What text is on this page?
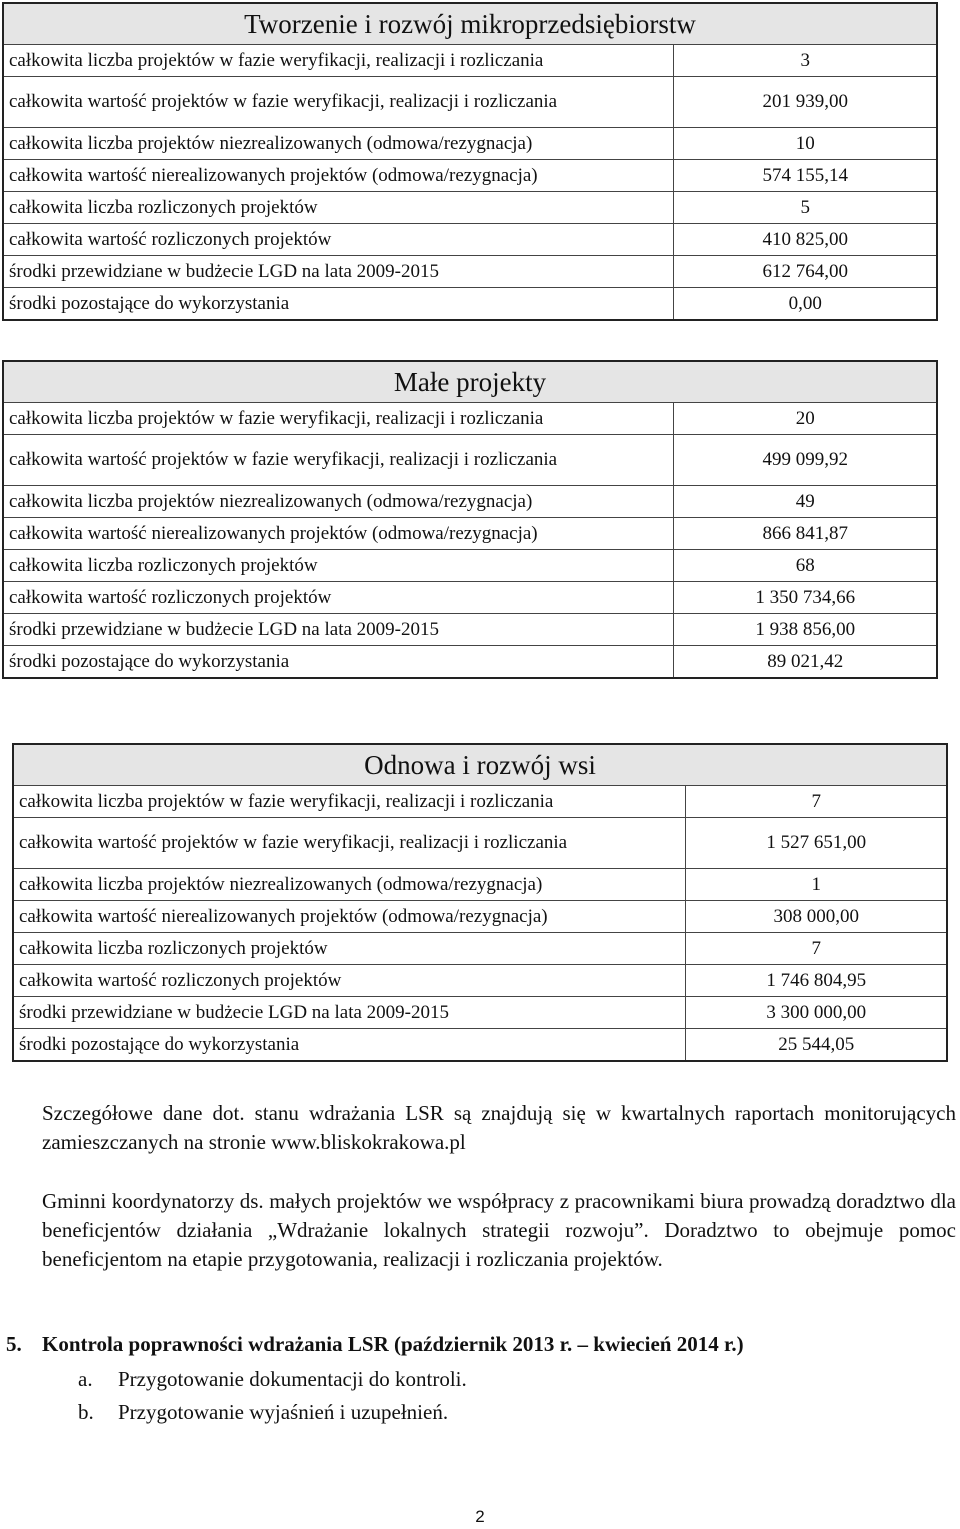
Tworzenie i rozwój mikroprzedsiębiorstw	
całkowita liczba projektów w fazie weryfikacji, realizacji i rozliczania	3
całkowita wartość projektów w fazie weryfikacji, realizacji i rozliczania	201 939,00
całkowita liczba projektów niezrealizowanych (odmowa/rezygnacja)	10
całkowita wartość nierealizowanych projektów (odmowa/rezygnacja)	574 155,14
całkowita liczba rozliczonych projektów	5
całkowita wartość rozliczonych projektów	410 825,00
środki przewidziane w budżecie LGD na lata 2009-2015	612 764,00
środki pozostające do wykorzystania	0,00
Małe projekty	
całkowita liczba projektów w fazie weryfikacji, realizacji i rozliczania	20
całkowita wartość projektów w fazie weryfikacji, realizacji i rozliczania	499 099,92
całkowita liczba projektów niezrealizowanych (odmowa/rezygnacja)	49
całkowita wartość nierealizowanych projektów (odmowa/rezygnacja)	866 841,87
całkowita liczba rozliczonych projektów	68
całkowita wartość rozliczonych projektów	1 350 734,66
środki przewidziane w budżecie LGD na lata 2009-2015	1 938 856,00
środki pozostające do wykorzystania	89 021,42
Odnowa i rozwój wsi	
całkowita liczba projektów w fazie weryfikacji, realizacji i rozliczania	7
całkowita wartość projektów w fazie weryfikacji, realizacji i rozliczania	1 527 651,00
całkowita liczba projektów niezrealizowanych (odmowa/rezygnacja)	1
całkowita wartość nierealizowanych projektów (odmowa/rezygnacja)	308 000,00
całkowita liczba rozliczonych projektów	7
całkowita wartość rozliczonych projektów	1 746 804,95
środki przewidziane w budżecie LGD na lata 2009-2015	3 300 000,00
środki pozostające do wykorzystania	25 544,05

Szczegółowe dane dot. stanu wdrażania LSR są znajdują się w kwartalnych raportach monitorujących zamieszczanych na stronie www.bliskokrakowa.pl

Gminni koordynatorzy ds. małych projektów we współpracy z pracownikami biura prowadzą doradztwo dla beneficjentów działania „Wdrażanie lokalnych strategii rozwoju”. Doradztwo to obejmuje pomoc beneficjentom na etapie przygotowania, realizacji i rozliczania projektów.

5. Kontrola poprawności wdrażania LSR (październik 2013 r. – kwiecień 2014 r.)
a. Przygotowanie dokumentacji do kontroli.
b. Przygotowanie wyjaśnień i uzupełnień.
2
